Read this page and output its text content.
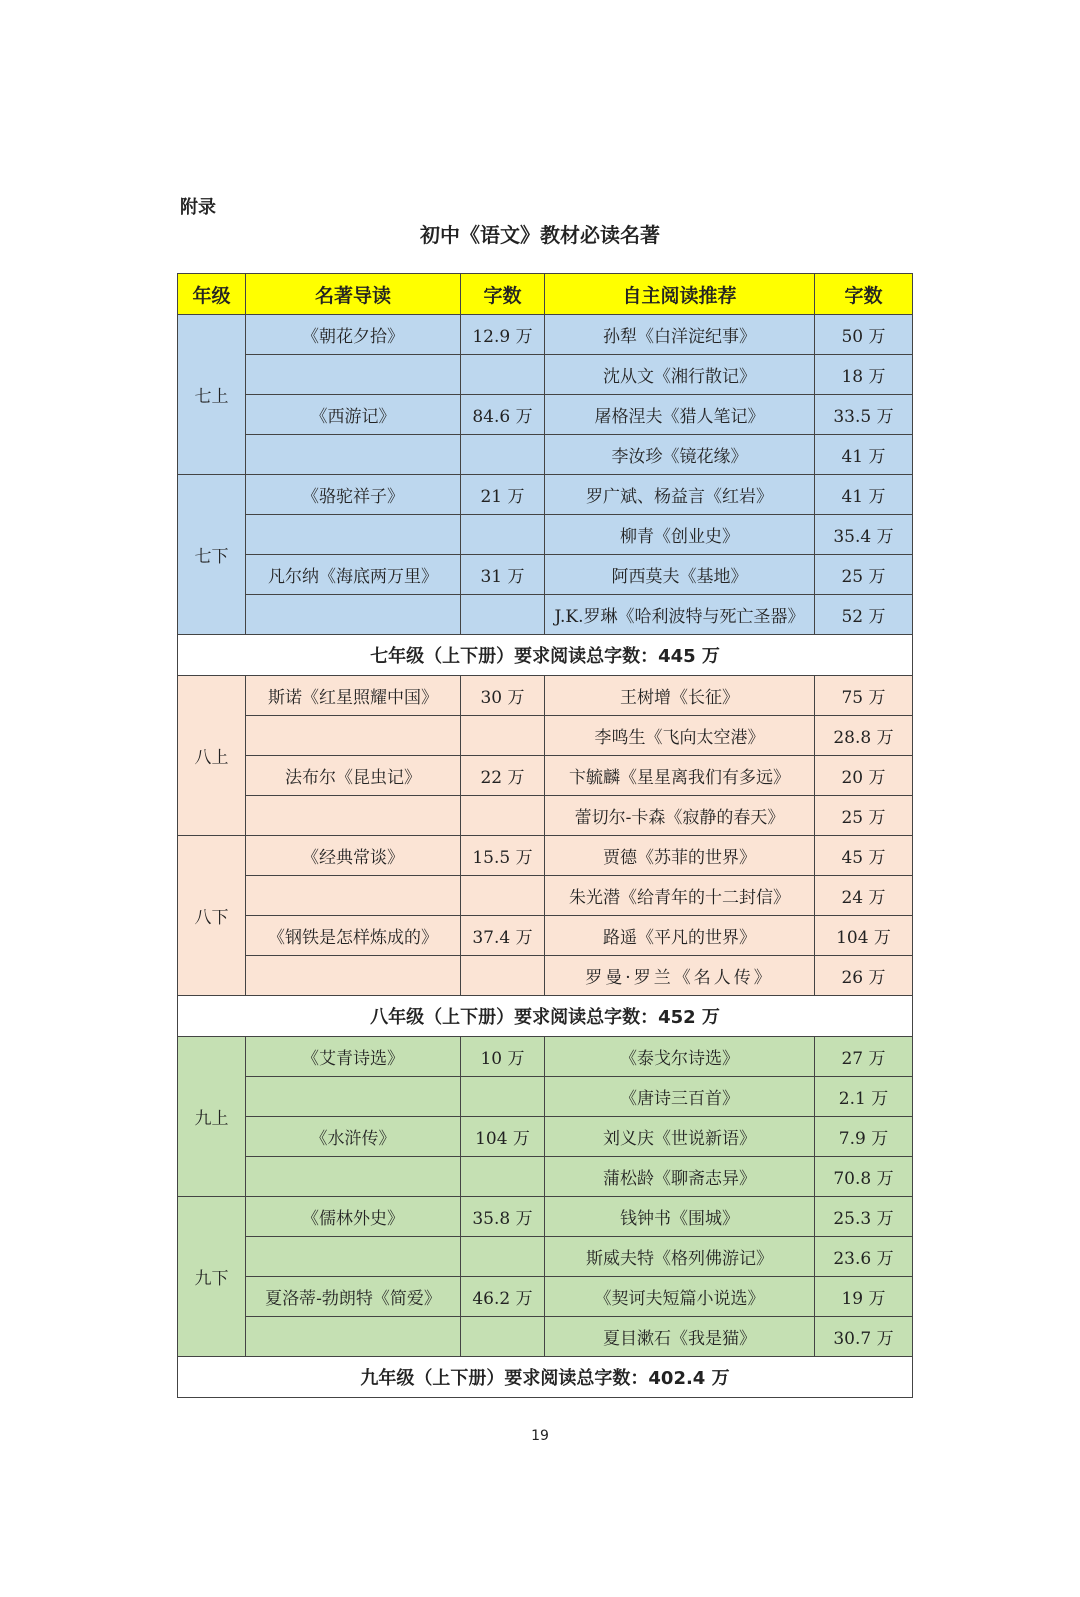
附录
初中《语文》教材必读名著
年级	名著导读	字数	自主阅读推荐	字数
七上	《朝花夕拾》	12.9 万	孙犁《白洋淀纪事》	50 万
			沈从文《湘行散记》	18 万
	《西游记》	84.6 万	屠格涅夫《猎人笔记》	33.5 万
			李汝珍《镜花缘》	41 万
七下	《骆驼祥子》	21 万	罗广斌、杨益言《红岩》	41 万
			柳青《创业史》	35.4 万
	凡尔纳《海底两万里》	31 万	阿西莫夫《基地》	25 万
			J.K.罗琳《哈利波特与死亡圣器》	52 万
七年级（上下册）要求阅读总字数：445 万				
八上	斯诺《红星照耀中国》	30 万	王树增《长征》	75 万
			李鸣生《飞向太空港》	28.8 万
	法布尔《昆虫记》	22 万	卞毓麟《星星离我们有多远》	20 万
			蕾切尔-卡森《寂静的春天》	25 万
八下	《经典常谈》	15.5 万	贾德《苏菲的世界》	45 万
			朱光潜《给青年的十二封信》	24 万
	《钢铁是怎样炼成的》	37.4 万	路遥《平凡的世界》	104 万
			罗曼·罗兰《名人传》	26 万
八年级（上下册）要求阅读总字数：452 万				
九上	《艾青诗选》	10 万	《泰戈尔诗选》	27 万
			《唐诗三百首》	2.1 万
	《水浒传》	104 万	刘义庆《世说新语》	7.9 万
			蒲松龄《聊斋志异》	70.8 万
九下	《儒林外史》	35.8 万	钱钟书《围城》	25.3 万
			斯威夫特《格列佛游记》	23.6 万
	夏洛蒂-勃朗特《简爱》	46.2 万	《契诃夫短篇小说选》	19 万
			夏目漱石《我是猫》	30.7 万
九年级（上下册）要求阅读总字数：402.4 万				
19
